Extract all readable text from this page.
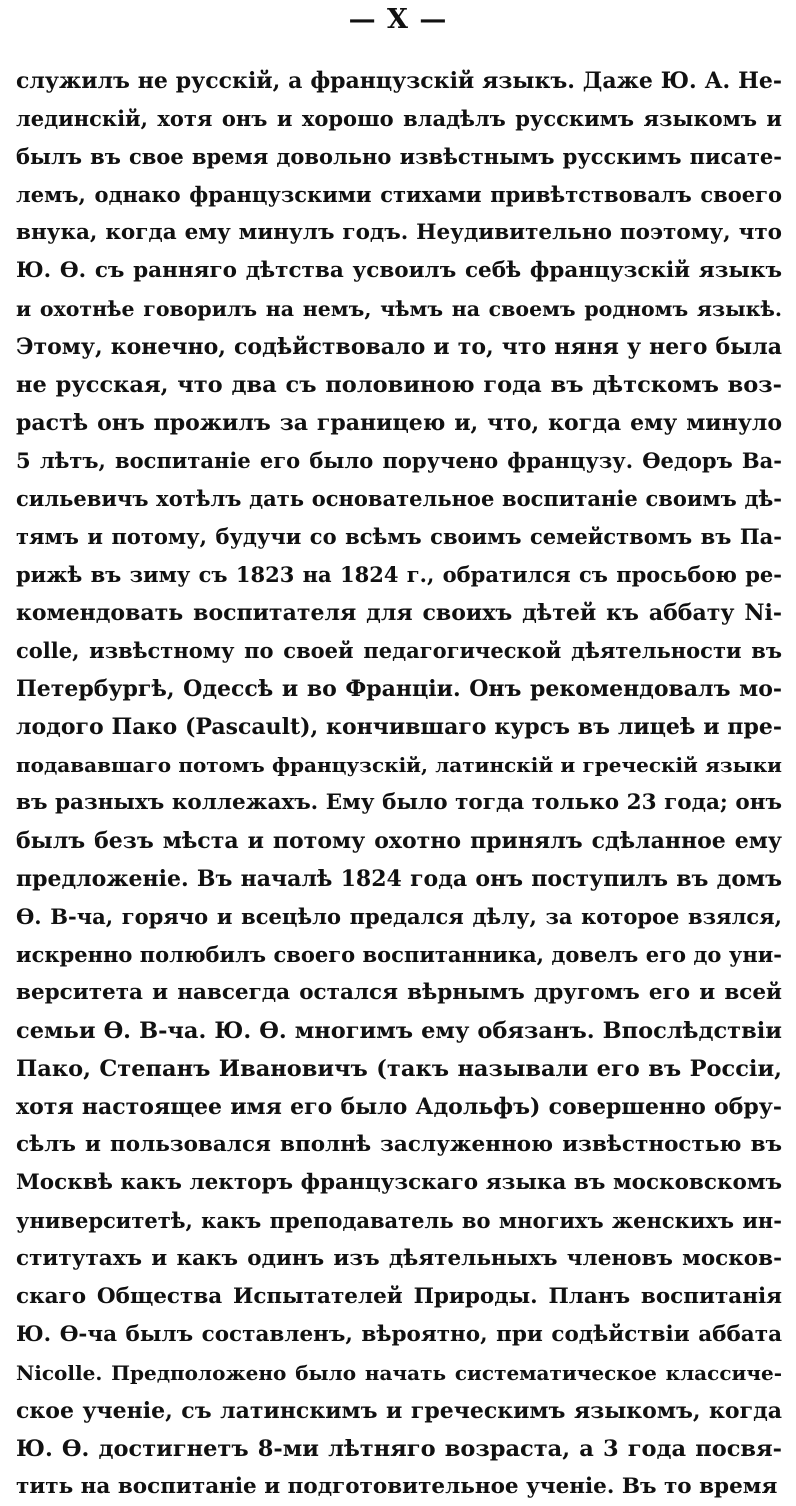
— X —
служилъ не русскій, а французскій языкъ. Даже Ю. А. Не-
лединскій, хотя онъ и хорошо владѣлъ русскимъ языкомъ и
былъ въ свое время довольно извѣстнымъ русскимъ писате-
лемъ, однако французскими стихами привѣтствовалъ своего
внука, когда ему минулъ годъ. Неудивительно поэтому, что
Ю. Ѳ. съ ранняго дѣтства усвоилъ себѣ французскій языкъ
и охотнѣе говорилъ на немъ, чѣмъ на своемъ родномъ языкѣ.
Этому, конечно, содѣйствовало и то, что няня у него была
не русская, что два съ половиною года въ дѣтскомъ воз-
растѣ онъ прожилъ за границею и, что, когда ему минуло
5 лѣтъ, воспитаніе его было поручено французу. Ѳедоръ Ва-
сильевичъ хотѣлъ дать основательное воспитаніе своимъ дѣ-
тямъ и потому, будучи со всѣмъ своимъ семействомъ въ Па-
рижѣ въ зиму съ 1823 на 1824 г., обратился съ просьбою ре-
комендовать воспитателя для своихъ дѣтей къ аббату Ni-
colle, извѣстному по своей педагогической дѣятельности въ
Петербургѣ, Одессѣ и во Франціи. Онъ рекомендовалъ мо-
лодого Пако (Pascault), кончившаго курсъ въ лицеѣ и пре-
подававшаго потомъ французскій, латинскій и греческій языки
въ разныхъ коллежахъ. Ему было тогда только 23 года; онъ
былъ безъ мѣста и потому охотно принялъ сдѣланное ему
предложеніе. Въ началѣ 1824 года онъ поступилъ въ домъ
Ѳ. В-ча, горячо и всецѣло предался дѣлу, за которое взялся,
искренно полюбилъ своего воспитанника, довелъ его до уни-
верситета и навсегда остался вѣрнымъ другомъ его и всей
семьи Ѳ. В-ча. Ю. Ѳ. многимъ ему обязанъ. Впослѣдствіи
Пако, Степанъ Ивановичъ (такъ называли его въ Россіи,
хотя настоящее имя его было Адольфъ) совершенно обру-
сѣлъ и пользовался вполнѣ заслуженною извѣстностью въ
Москвѣ какъ лекторъ французскаго языка въ московскомъ
университетѣ, какъ преподаватель во многихъ женскихъ ин-
ститутахъ и какъ одинъ изъ дѣятельныхъ членовъ москов-
скаго Общества Испытателей Природы. Планъ воспитанія
Ю. Ѳ-ча былъ составленъ, вѣроятно, при содѣйствіи аббата
Nicolle. Предположено было начать систематическое классиче-
ское ученіе, съ латинскимъ и греческимъ языкомъ, когда
Ю. Ѳ. достигнетъ 8-ми лѣтняго возраста, а 3 года посвя-
тить на воспитаніе и подготовительное ученіе. Въ то время
